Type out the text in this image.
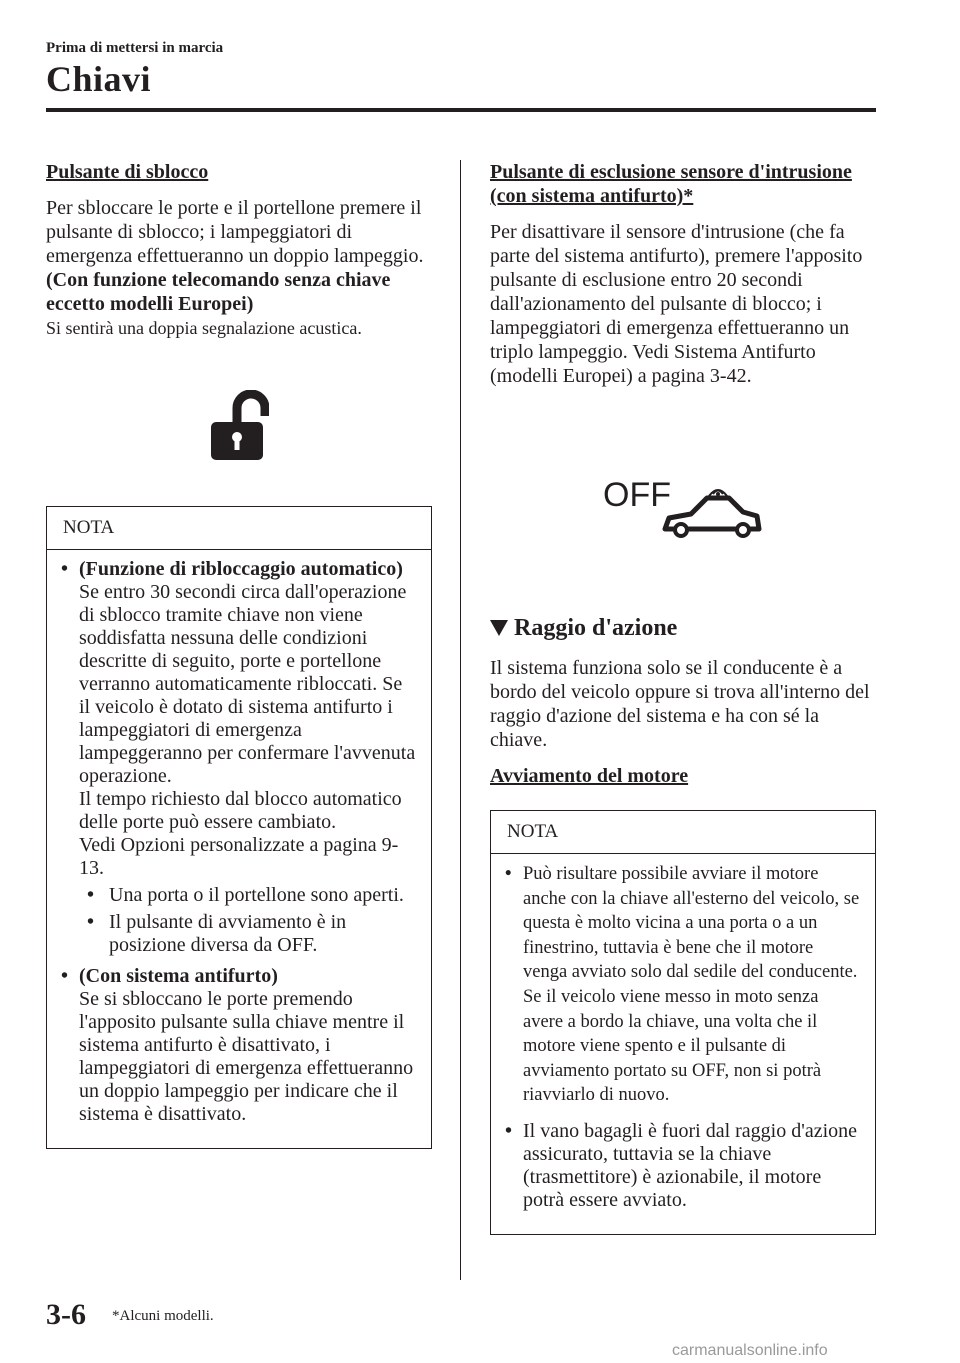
Prima di mettersi in marcia
Chiavi

Pulsante di sblocco

Per sbloccare le porte e il portellone premere il pulsante di sblocco; i lampeggiatori di emergenza effettueranno un doppio lampeggio.

(Con funzione telecomando senza chiave eccetto modelli Europei)

Si sentirà una doppia segnalazione acustica.

NOTA
• (Funzione di ribloccaggio automatico)
Se entro 30 secondi circa dall'operazione di sblocco tramite chiave non viene soddisfatta nessuna delle condizioni descritte di seguito, porte e portellone verranno automaticamente ribloccati. Se il veicolo è dotato di sistema antifurto i lampeggiatori di emergenza lampeggeranno per confermare l'avvenuta operazione.
Il tempo richiesto dal blocco automatico delle porte può essere cambiato.
Vedi Opzioni personalizzate a pagina 9-13.
• Una porta o il portellone sono aperti.
• Il pulsante di avviamento è in posizione diversa da OFF.
• (Con sistema antifurto)
Se si sbloccano le porte premendo l'apposito pulsante sulla chiave mentre il sistema antifurto è disattivato, i lampeggiatori di emergenza effettueranno un doppio lampeggio per indicare che il sistema è disattivato.

Pulsante di esclusione sensore d'intrusione (con sistema antifurto)*

Per disattivare il sensore d'intrusione (che fa parte del sistema antifurto), premere l'apposito pulsante di esclusione entro 20 secondi dall'azionamento del pulsante di blocco; i lampeggiatori di emergenza effettueranno un triplo lampeggio. Vedi Sistema Antifurto (modelli Europei) a pagina 3-42.

OFF
Raggio d'azione

Il sistema funziona solo se il conducente è a bordo del veicolo oppure si trova all'interno del raggio d'azione del sistema e ha con sé la chiave.

Avviamento del motore

NOTA
• Può risultare possibile avviare il motore anche con la chiave all'esterno del veicolo, se questa è molto vicina a una porta o a un finestrino, tuttavia è bene che il motore venga avviato solo dal sedile del conducente.
Se il veicolo viene messo in moto senza avere a bordo la chiave, una volta che il motore viene spento e il pulsante di avviamento portato su OFF, non si potrà riavviarlo di nuovo.
• Il vano bagagli è fuori dal raggio d'azione assicurato, tuttavia se la chiave (trasmettitore) è azionabile, il motore potrà essere avviato.
3-6 *Alcuni modelli.
carmanualsonline.info
